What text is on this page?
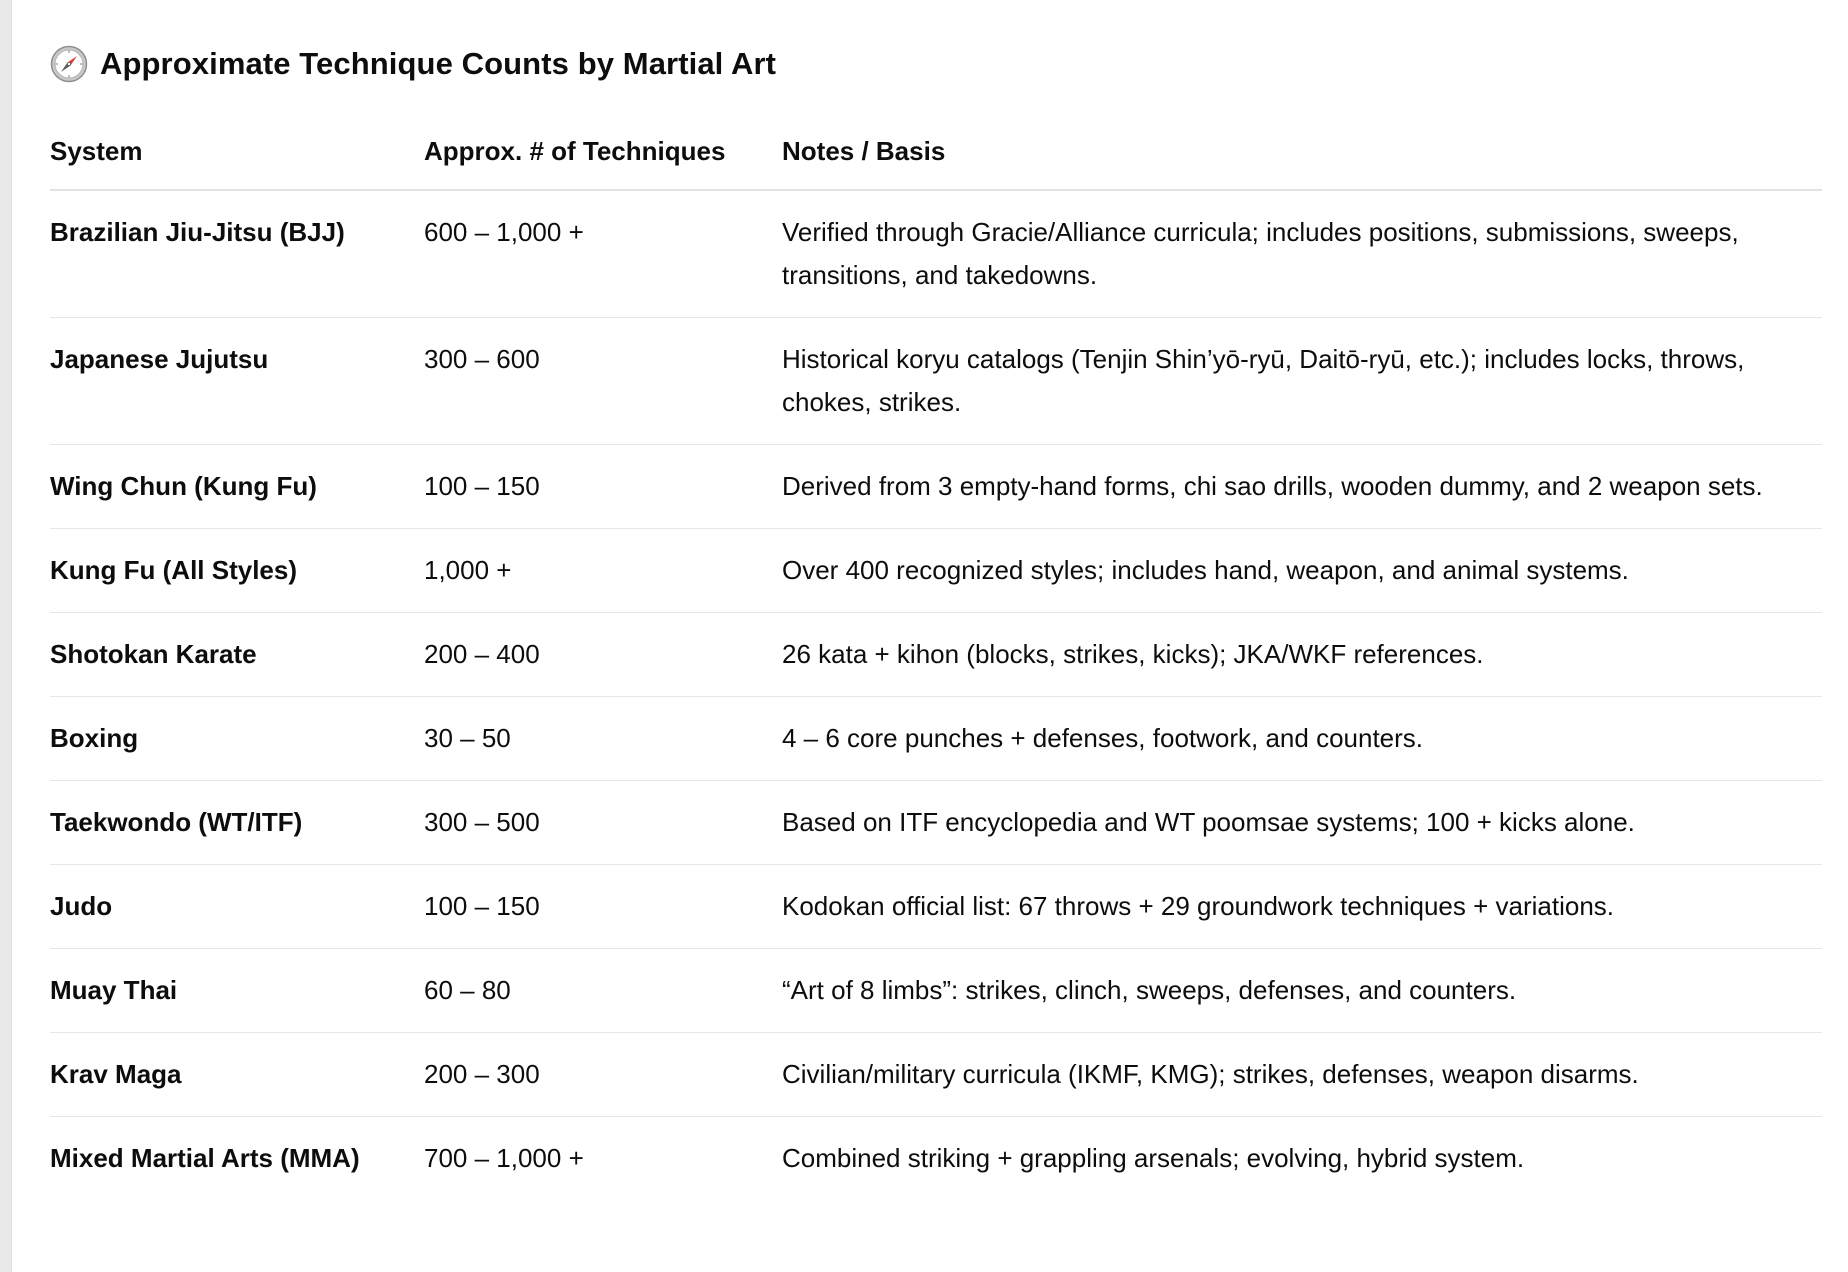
Approximate Technique Counts by Martial Art
System	Approx. # of Techniques	Notes / Basis
Brazilian Jiu-Jitsu (BJJ)	600 – 1,000 +	Verified through Gracie/Alliance curricula; includes positions, submissions, sweeps, transitions, and takedowns.
Japanese Jujutsu	300 – 600	Historical koryu catalogs (Tenjin Shin’yō-ryū, Daitō-ryū, etc.); includes locks, throws, chokes, strikes.
Wing Chun (Kung Fu)	100 – 150	Derived from 3 empty-hand forms, chi sao drills, wooden dummy, and 2 weapon sets.
Kung Fu (All Styles)	1,000 +	Over 400 recognized styles; includes hand, weapon, and animal systems.
Shotokan Karate	200 – 400	26 kata + kihon (blocks, strikes, kicks); JKA/WKF references.
Boxing	30 – 50	4 – 6 core punches + defenses, footwork, and counters.
Taekwondo (WT/ITF)	300 – 500	Based on ITF encyclopedia and WT poomsae systems; 100 + kicks alone.
Judo	100 – 150	Kodokan official list: 67 throws + 29 groundwork techniques + variations.
Muay Thai	60 – 80	“Art of 8 limbs”: strikes, clinch, sweeps, defenses, and counters.
Krav Maga	200 – 300	Civilian/military curricula (IKMF, KMG); strikes, defenses, weapon disarms.
Mixed Martial Arts (MMA)	700 – 1,000 +	Combined striking + grappling arsenals; evolving, hybrid system.
